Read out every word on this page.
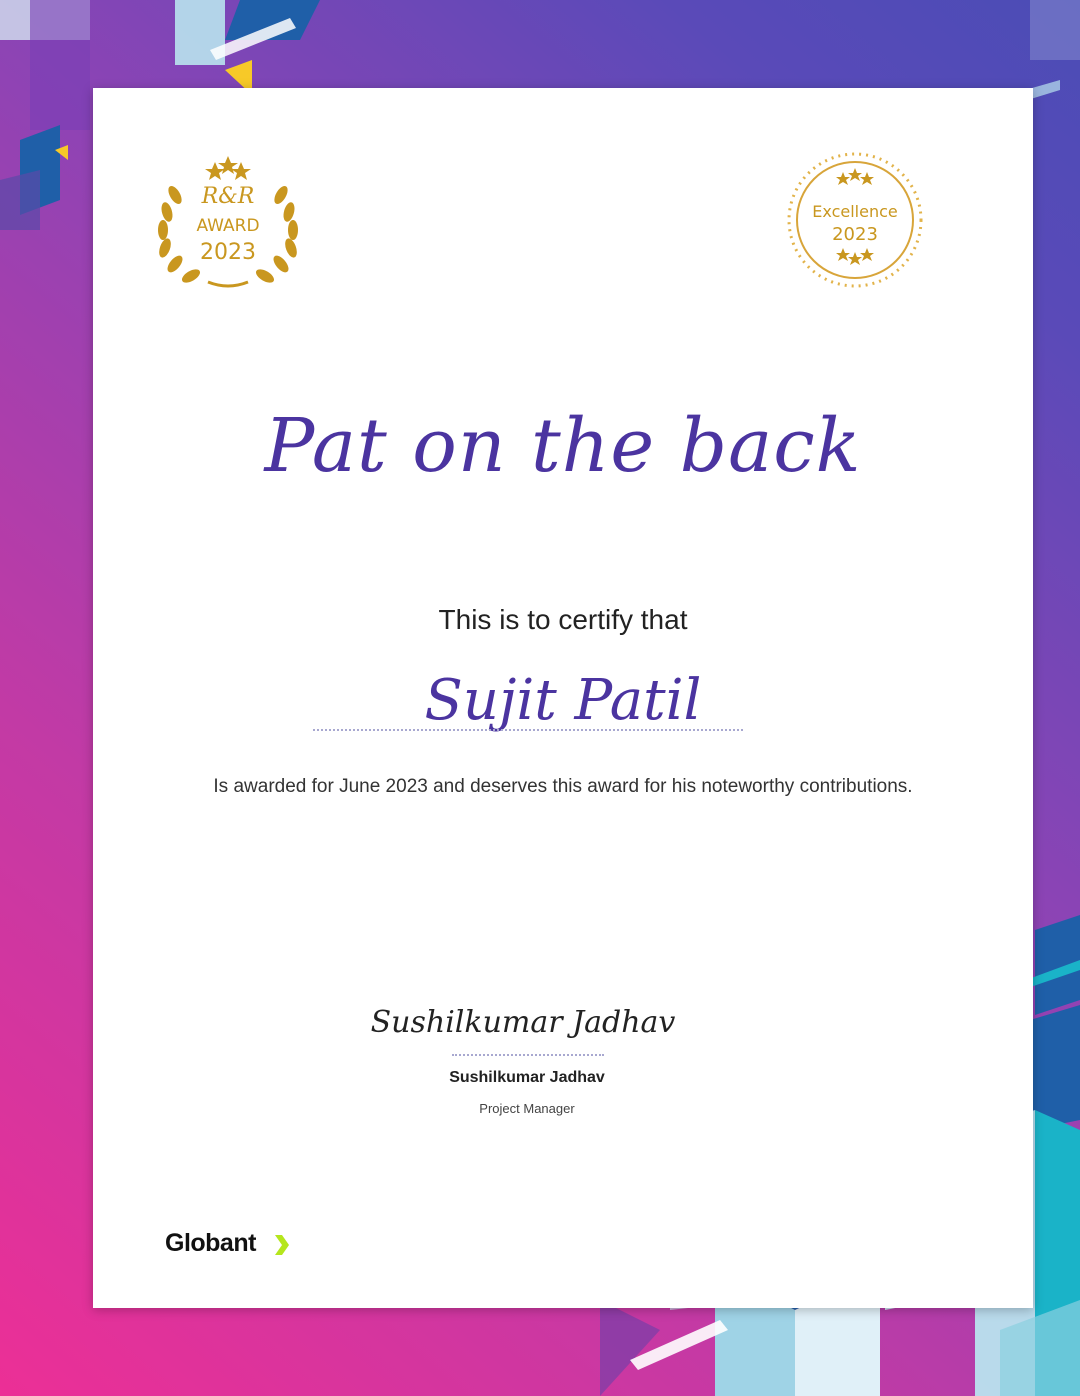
R&R
AWARD
2023
Excellence
2023
Pat on the back
This is to certify that
Sujit Patil
Is awarded for June 2023 and deserves this award for his noteworthy contributions.
Sushilkumar Jadhav
Sushilkumar Jadhav
Project Manager
Globant
